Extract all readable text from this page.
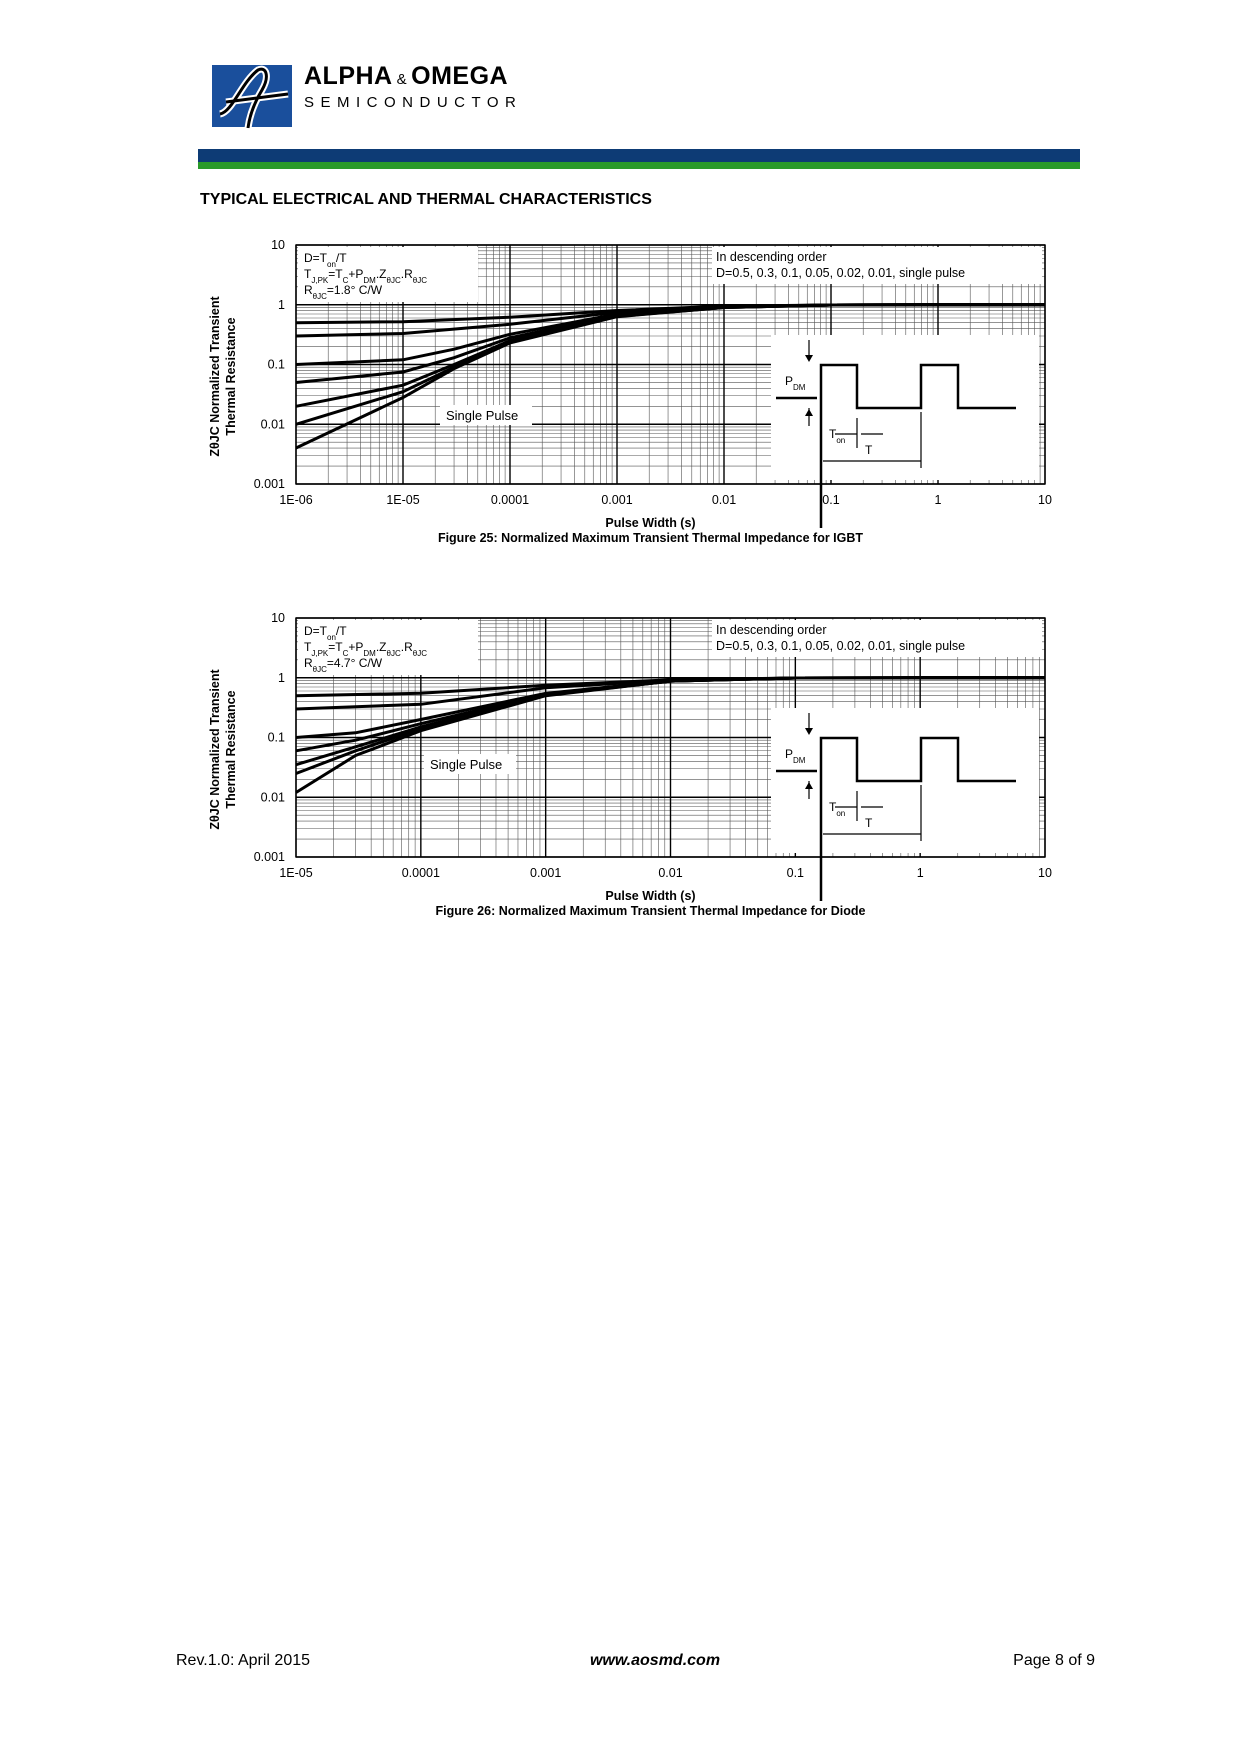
ALPHA & OMEGA
SEMICONDUCTOR
TYPICAL ELECTRICAL AND THERMAL CHARACTERISTICS
Single Pulse
$P_{DM}$
$T_{on}$
T
$D=T_{on}/T$
$T_{J,PK}=T_C+P_{DM}.Z_{\theta JC}.R_{\theta JC}$
$R_{\theta JC}=1.8^\circ$ C/W
In descending order
D=0.5, 0.3, 0.1, 0.05, 0.02, 0.01, single pulse
1E-06	1E-05	0.0001	0.001	0.01	0.1	1	10
10
1
0.1
0.01
0.001
Pulse Width (s)
Figure 25: Normalized Maximum Transient Thermal Impedance for IGBT
ZθJC Normalized Transient Thermal Resistance
Single Pulse
$P_{DM}$
$T_{on}$
T
$D=T_{on}/T$
$T_{J,PK}=T_C+P_{DM}.Z_{\theta JC}.R_{\theta JC}$
$R_{\theta JC}=4.7^\circ$ C/W
In descending order
D=0.5, 0.3, 0.1, 0.05, 0.02, 0.01, single pulse
1E-05	0.0001	0.001	0.01	0.1	1	10
10
1
0.1
0.01
0.001
Pulse Width (s)
Figure 26: Normalized Maximum Transient Thermal Impedance for Diode
ZθJC Normalized Transient Thermal Resistance
Rev.1.0: April 2015	www.aosmd.com	Page 8 of 9
